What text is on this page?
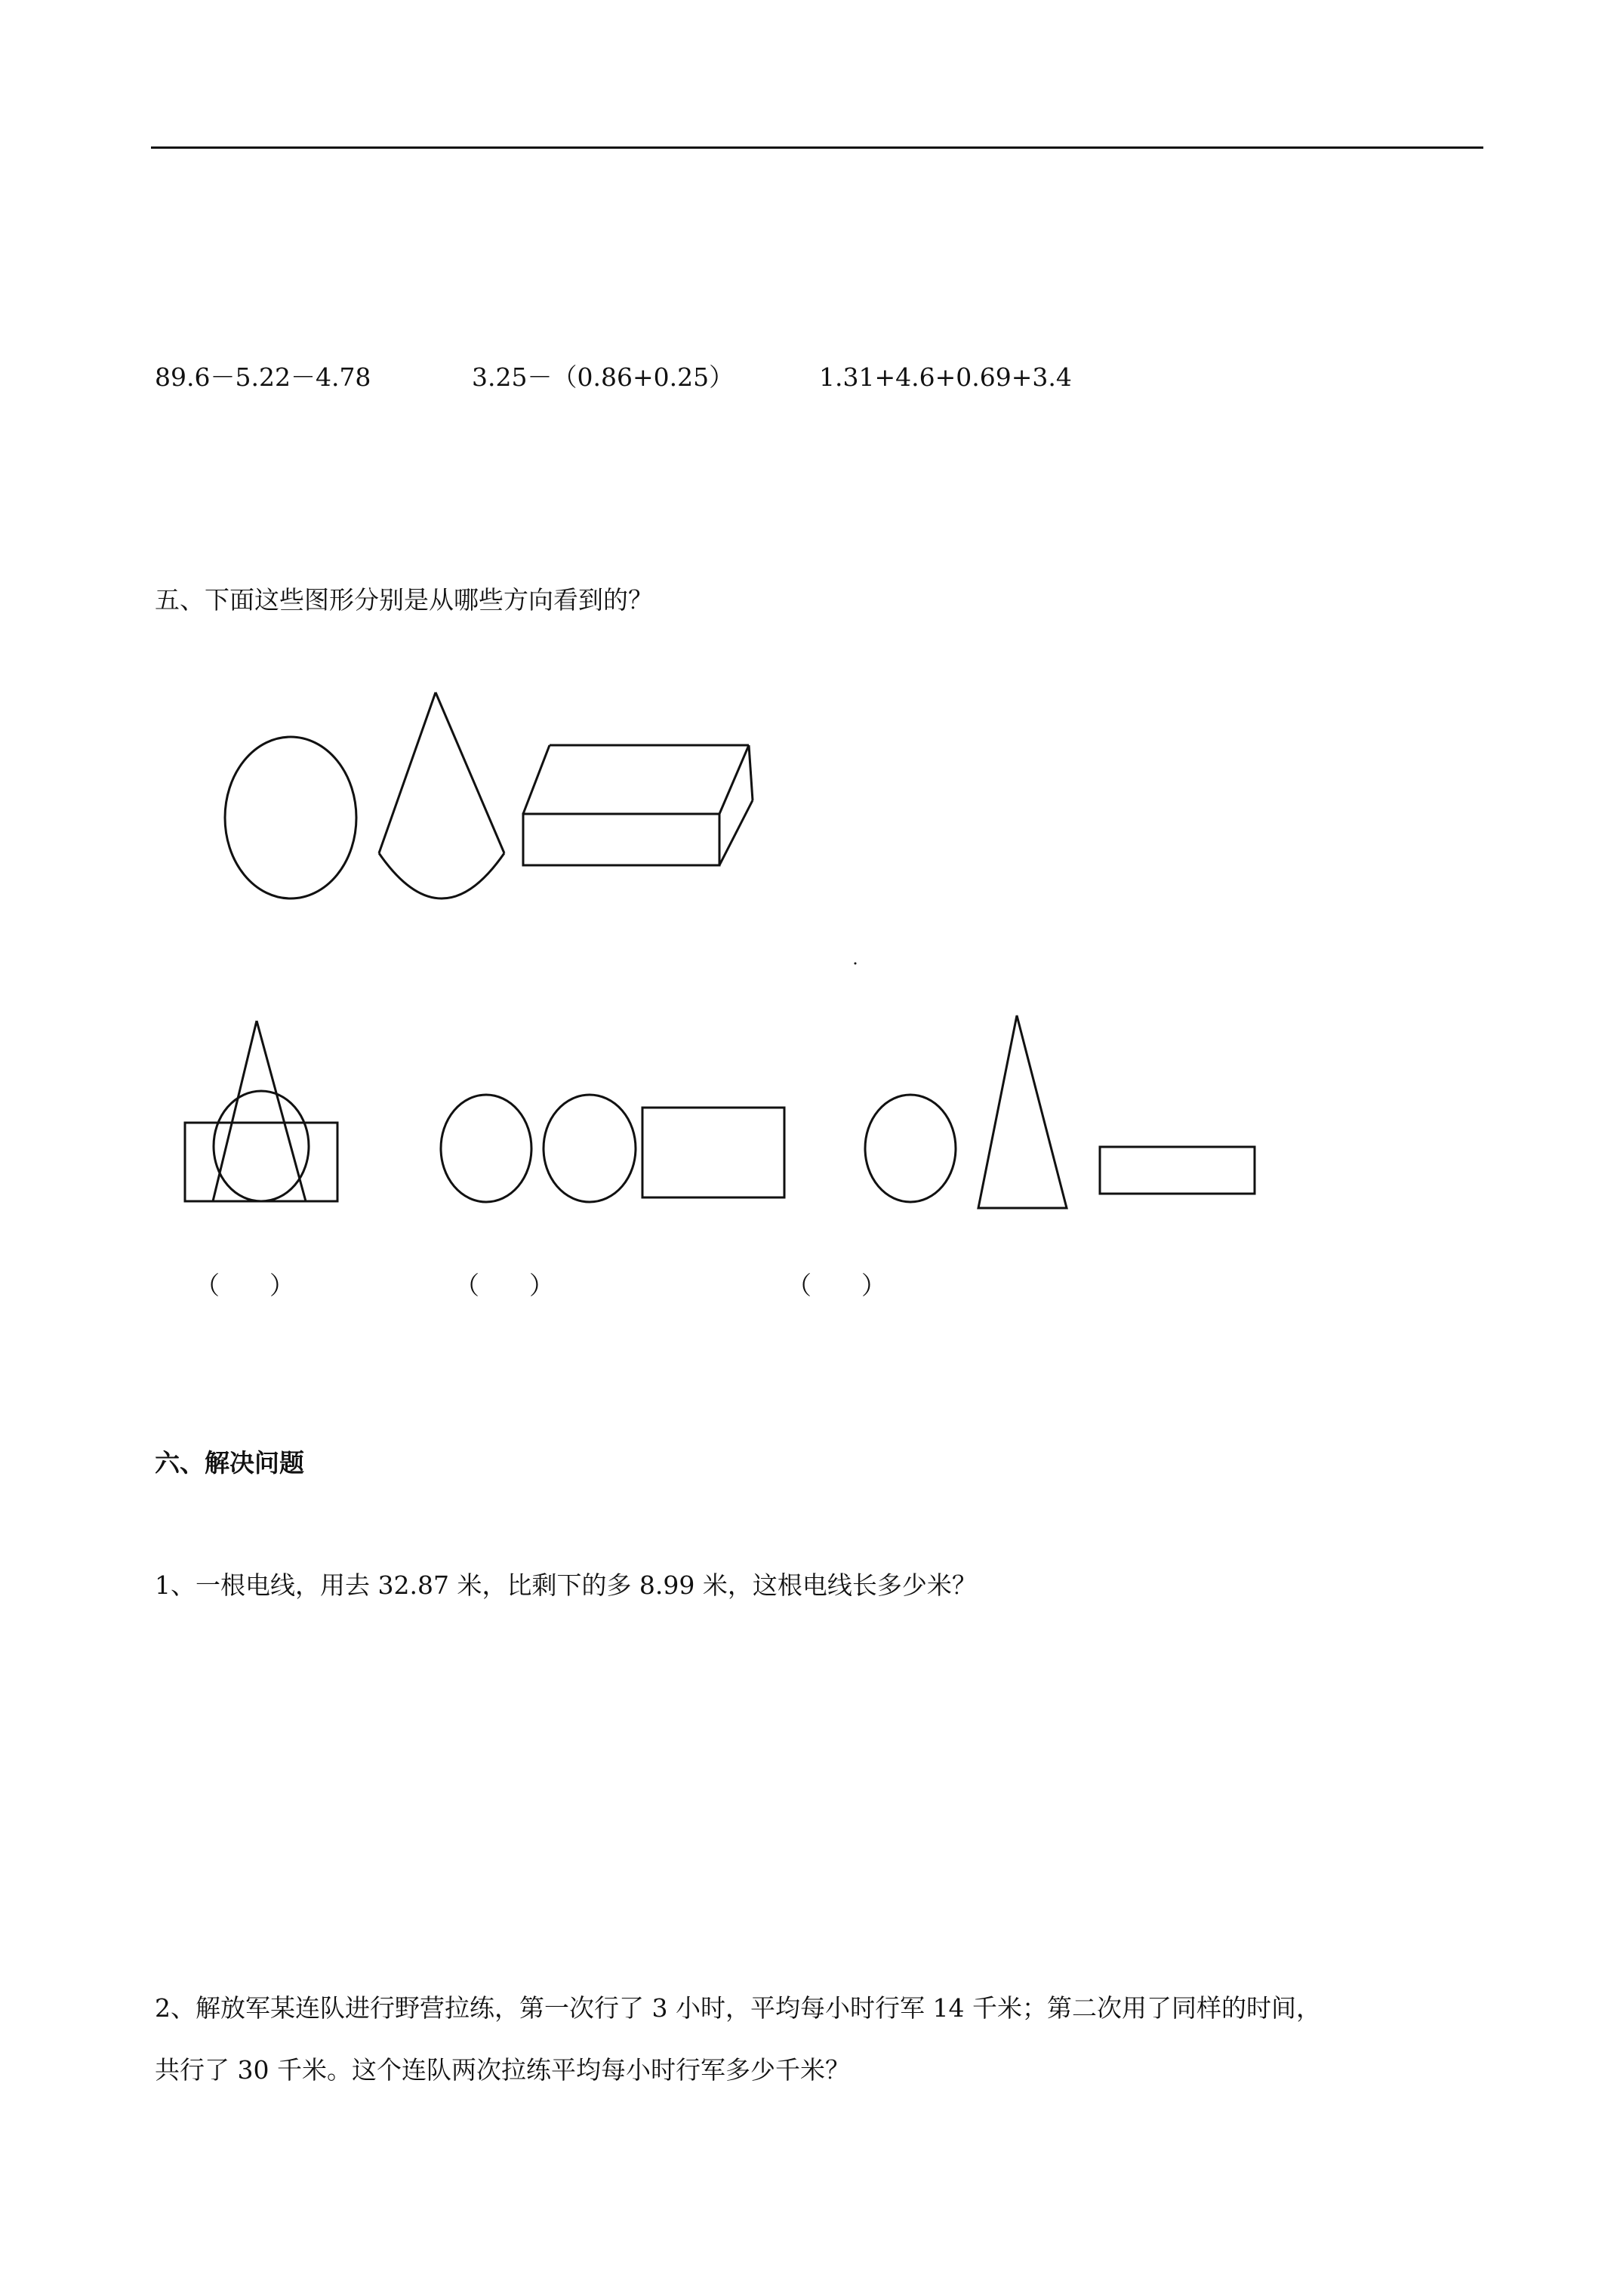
89.6－5.22－4.78	3.25－（0.86+0.25）	1.31+4.6+0.69+3.4
五、下面这些图形分别是从哪些方向看到的？
（　　）	（　　）	（　　）
六、解决问题
1、一根电线，用去 32.87 米，比剩下的多 8.99 米，这根电线长多少米？
2、解放军某连队进行野营拉练，第一次行了 3 小时，平均每小时行军 14 千米；第二次用了同样的时间，
共行了 30 千米。这个连队两次拉练平均每小时行军多少千米？
